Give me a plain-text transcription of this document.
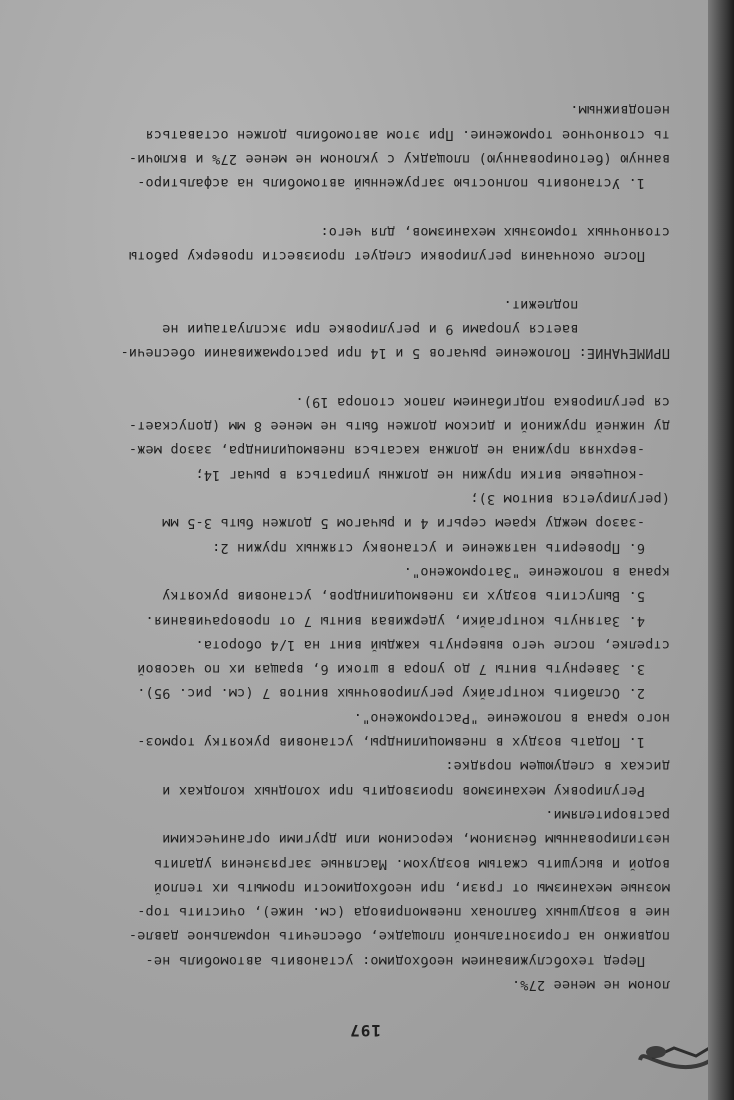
197
лоном не менее 27%.
Перед техобслуживанием необходимо: установить автомобиль не-
подвижно на горизонтальной площадке, обеспечить нормальное давле-
ние в воздушных баллонах пневмопривода (см. ниже), очистить тор-
мозные механизмы от грязи, при необходимости промыть их теплой
водой и высушить сжатым воздухом. Масляные загрязнения удалить
неэтилированным бензином, керосином или другими органическими
растворителями.
Регулировку механизмов производить при холодных колодках и
дисках в следующем порядке:
1. Подать воздух в пневмоцилиндры, установив рукоятку тормоз-
ного крана в положение "Расторможено".
2. Ослабить контргайку регулировочных винтов 7 (см. рис. 95).
3. Завернуть винты 7 до упора в штоки 6, вращая их по часовой
стрелке, после чего вывернуть каждый винт на 1/4 оборота.
4. Затянуть контргайки, удерживая винты 7 от проворачивания.
5. Выпустить воздух из пневмоцилиндров, установив рукоятку
крана в положение "Заторможено".
6. Проверить натяжение и установку стяжных пружин 2:
-зазор между краем серьги 4 и рычагом 5 должен быть 3-5 мм
(регулируется винтом 3);
-концевые витки пружин не должны упираться в рычаг 14;
-верхняя пружина не должна касаться пневмоцилиндра, зазор меж-
ду нижней пружиной и диском должен быть не менее 8 мм (допускает-
ся регулировка подгибанием лапок стопора 19).
ПРИМЕЧАНИЕ: Положение рычагов 5 и 14 при растормаживании обеспечи-
вается упорами 9 и регулировке при эксплуатации не
подлежит.
После окончания регулировки следует произвести проверку работы
стояночных тормозных механизмов, для чего:
1. Установить полностью загруженный автомобиль на асфальтиро-
ванную (бетонированную) площадку с уклоном не менее 27% и включи-
ть стояночное торможение. При этом автомобиль должен оставаться
неподвижным.
